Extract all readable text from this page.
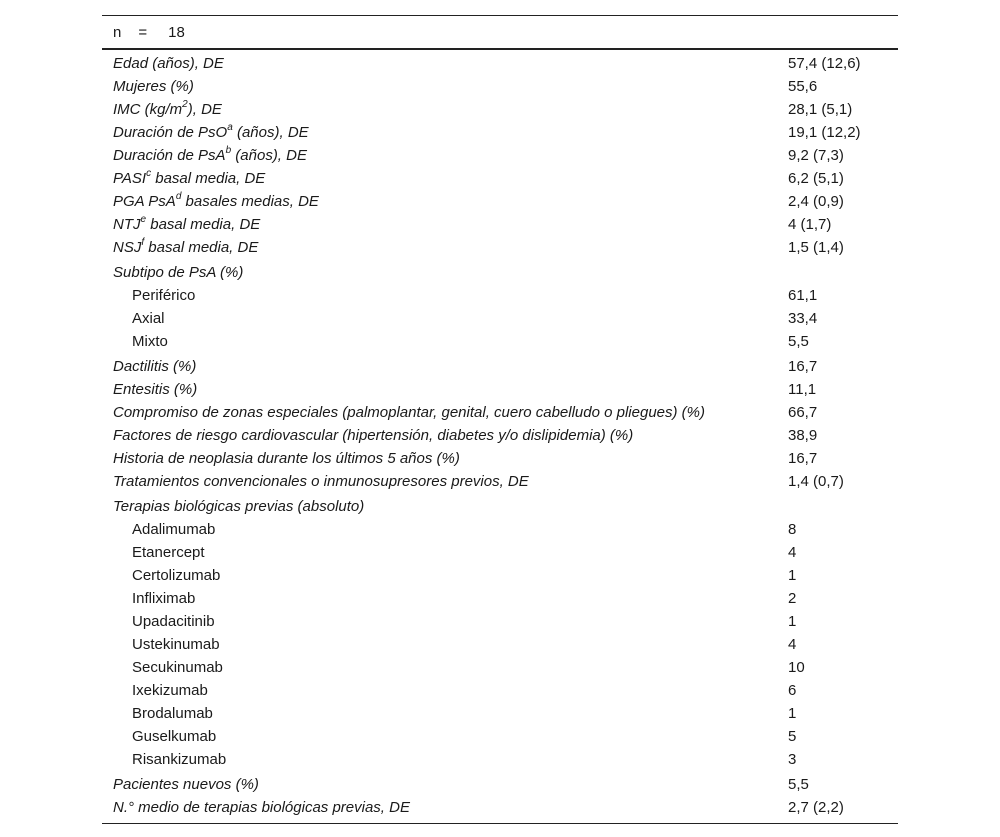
n = 18
Edad (años), DE	57,4 (12,6)
Mujeres (%)	55,6
IMC $(kg/m^2)$, DE	28,1 (5,1)
Duración de PsO$^a$ (años), DE	19,1 (12,2)
Duración de PsA$^b$ (años), DE	9,2 (7,3)
PASI$^c$ basal media, DE	6,2 (5,1)
PGA PsA$^d$ basales medias, DE	2,4 (0,9)
NTJ$^e$ basal media, DE	4 (1,7)
NSJ$^f$ basal media, DE	1,5 (1,4)
Subtipo de PsA (%)
Periférico	61,1
Axial	33,4
Mixto	5,5
Dactilitis (%)	16,7
Entesitis (%)	11,1
Compromiso de zonas especiales (palmoplantar, genital, cuero cabelludo o pliegues) (%)	66,7
Factores de riesgo cardiovascular (hipertensión, diabetes y/o dislipidemia) (%)	38,9
Historia de neoplasia durante los últimos 5 años (%)	16,7
Tratamientos convencionales o inmunosupresores previos, DE	1,4 (0,7)
Terapias biológicas previas (absoluto)
Adalimumab	8
Etanercept	4
Certolizumab	1
Infliximab	2
Upadacitinib	1
Ustekinumab	4
Secukinumab	10
Ixekizumab	6
Brodalumab	1
Guselkumab	5
Risankizumab	3
Pacientes nuevos (%)	5,5
N.° medio de terapias biológicas previas, DE	2,7 (2,2)
